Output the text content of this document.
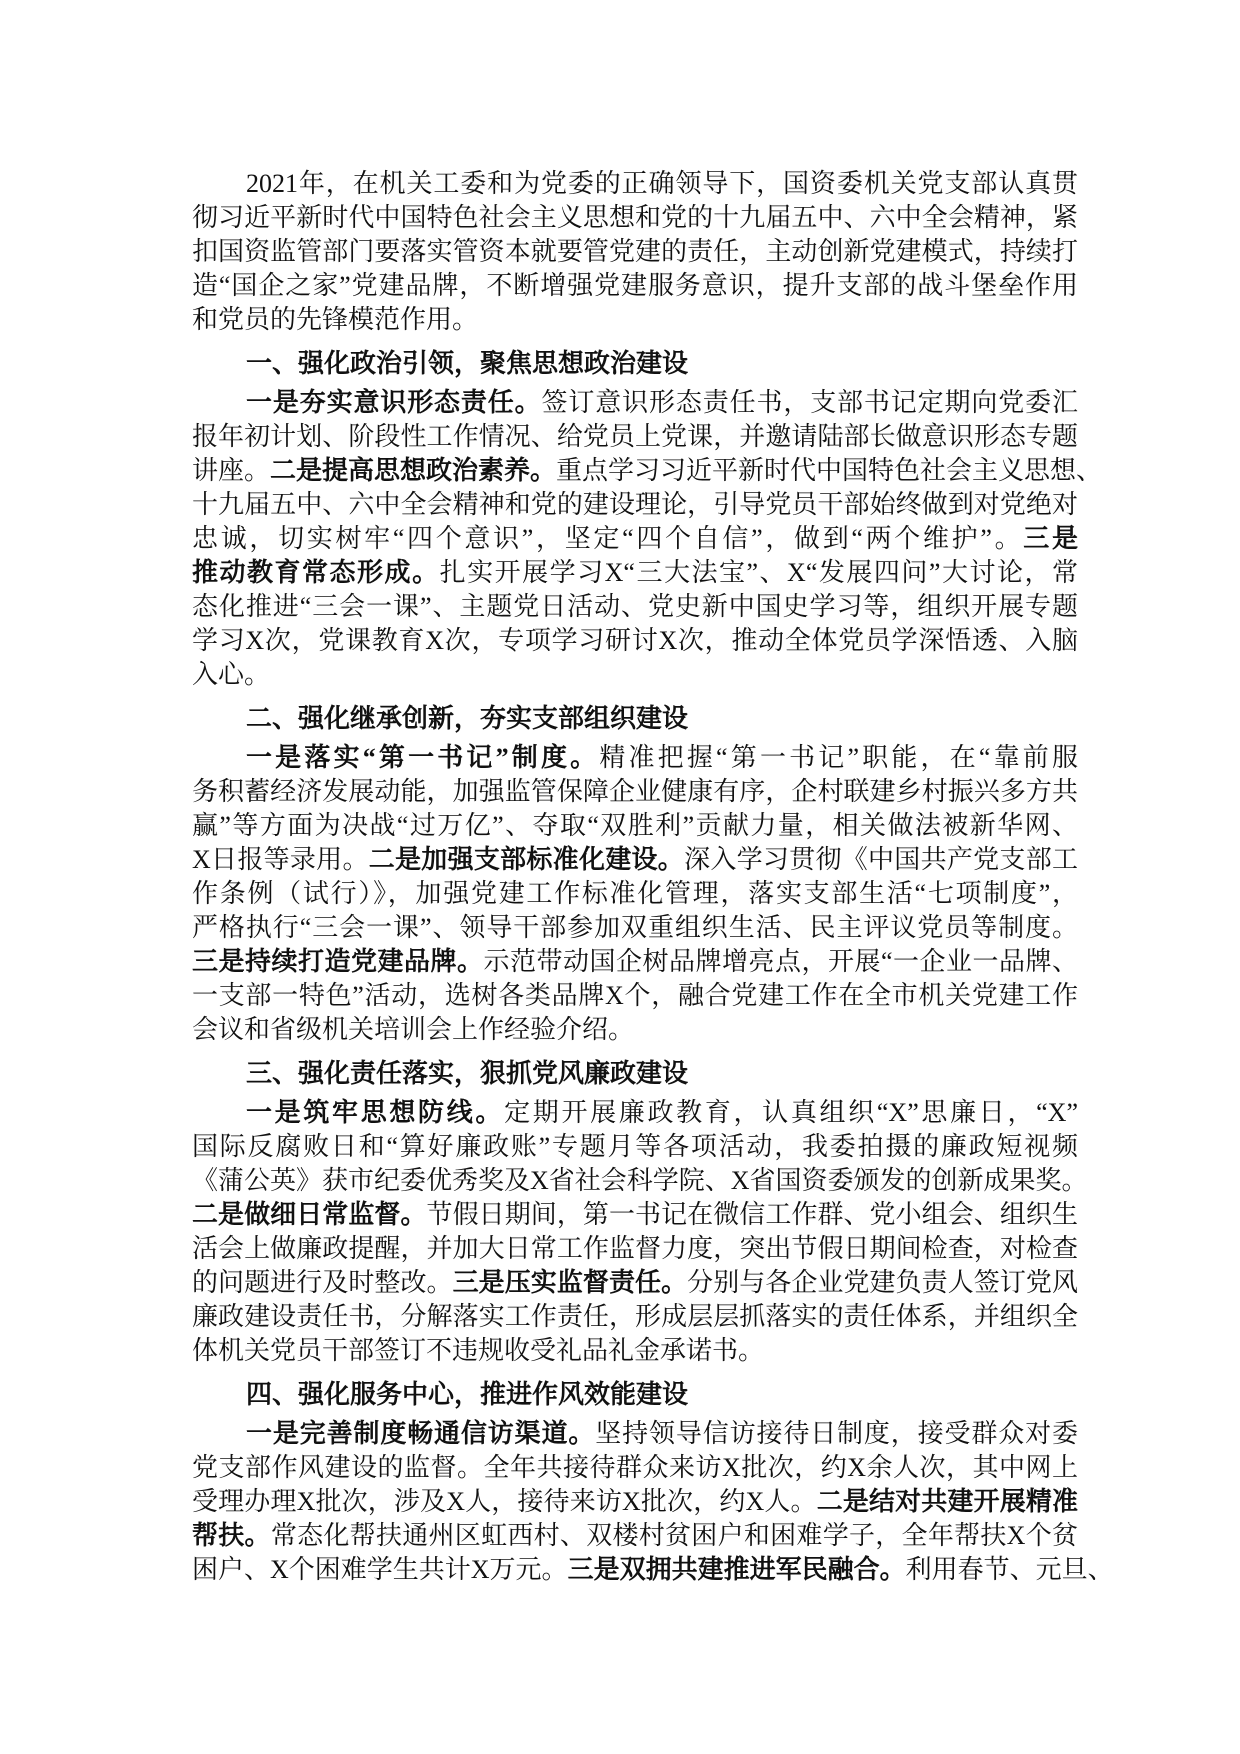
2021年，在机关工委和为党委的正确领导下，国资委机关党支部认真贯
彻习近平新时代中国特色社会主义思想和党的十九届五中、六中全会精神，紧
扣国资监管部门要落实管资本就要管党建的责任，主动创新党建模式，持续打
造“国企之家”党建品牌，不断增强党建服务意识，提升支部的战斗堡垒作用
和党员的先锋模范作用。
一、强化政治引领，聚焦思想政治建设
一是夯实意识形态责任。签订意识形态责任书，支部书记定期向党委汇
报年初计划、阶段性工作情况、给党员上党课，并邀请陆部长做意识形态专题
讲座。二是提高思想政治素养。重点学习习近平新时代中国特色社会主义思想、
十九届五中、六中全会精神和党的建设理论，引导党员干部始终做到对党绝对
忠诚，切实树牢“四个意识”，坚定“四个自信”，做到“两个维护”。三是
推动教育常态形成。扎实开展学习X“三大法宝”、X“发展四问”大讨论，常
态化推进“三会一课”、主题党日活动、党史新中国史学习等，组织开展专题
学习X次，党课教育X次，专项学习研讨X次，推动全体党员学深悟透、入脑
入心。
二、强化继承创新，夯实支部组织建设
一是落实“第一书记”制度。精准把握“第一书记”职能，在“靠前服
务积蓄经济发展动能，加强监管保障企业健康有序，企村联建乡村振兴多方共
赢”等方面为决战“过万亿”、夺取“双胜利”贡献力量，相关做法被新华网、
X日报等录用。二是加强支部标准化建设。深入学习贯彻《中国共产党支部工
作条例（试行）》，加强党建工作标准化管理，落实支部生活“七项制度”，
严格执行“三会一课”、领导干部参加双重组织生活、民主评议党员等制度。
三是持续打造党建品牌。示范带动国企树品牌增亮点，开展“一企业一品牌、
一支部一特色”活动，选树各类品牌X个，融合党建工作在全市机关党建工作
会议和省级机关培训会上作经验介绍。
三、强化责任落实，狠抓党风廉政建设
一是筑牢思想防线。定期开展廉政教育，认真组织“X”思廉日，“X”
国际反腐败日和“算好廉政账”专题月等各项活动，我委拍摄的廉政短视频
《蒲公英》获市纪委优秀奖及X省社会科学院、X省国资委颁发的创新成果奖。
二是做细日常监督。节假日期间，第一书记在微信工作群、党小组会、组织生
活会上做廉政提醒，并加大日常工作监督力度，突出节假日期间检查，对检查
的问题进行及时整改。三是压实监督责任。分别与各企业党建负责人签订党风
廉政建设责任书，分解落实工作责任，形成层层抓落实的责任体系，并组织全
体机关党员干部签订不违规收受礼品礼金承诺书。
四、强化服务中心，推进作风效能建设
一是完善制度畅通信访渠道。坚持领导信访接待日制度，接受群众对委
党支部作风建设的监督。全年共接待群众来访X批次，约X余人次，其中网上
受理办理X批次，涉及X人，接待来访X批次，约X人。二是结对共建开展精准
帮扶。常态化帮扶通州区虹西村、双楼村贫困户和困难学子，全年帮扶X个贫
困户、X个困难学生共计X万元。三是双拥共建推进军民融合。利用春节、元旦、
